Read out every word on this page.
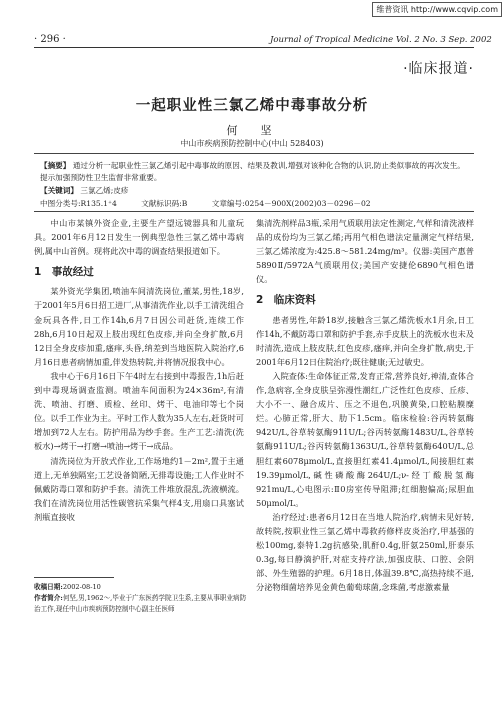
维普资讯 http://www.cqvip.com
· 296 ·	Journal of Tropical Medicine Vol. 2 No. 3 Sep. 2002
·临床报道·
一起职业性三氯乙烯中毒事故分析
何　坚
中山市疾病预防控制中心(中山 528403)
【摘要】 通过分析一起职业性三氯乙烯引起中毒事故的原因、结果及教训,增强对该种化合物的认识,防止类似事故的再次发生。提示加强预防性卫生监督非常重要。
【关键词】 三氯乙烯;皮疹
中图分类号:R135.1⁺4	文献标识码:B	文章编号:0254－900X(2002)03－0296－02

中山市某镇外资企业,主要生产望远镜器具和儿童玩具。2001年6月12日发生一例典型急性三氯乙烯中毒病例,属中山首例。现将此次中毒的调查结果报道如下。

1　事故经过

某外资光学集团,喷油车间清洗岗位,董某,男性,18岁,于2001年5月6日招工进厂,从事清洗作业,以手工清洗组合金玩具各件,日工作14h,6月7日因公司赶货,连续工作28h,6月10日起双上肢出现红色皮疹,并向全身扩散,6月12日全身皮疹加重,瘙痒,头昏,纳差到当地医院入院治疗,6月16日患者病情加重,伴发热转院,并将情况报我中心。

我中心于6月16日下午4时左右接到中毒报告,1h后赶到中毒现场调查监测。喷油车间面积为24×36m²,有清洗、喷油、打磨、质检、丝印、烤干、电油印等七个岗位。以手工作业为主。平时工作人数为35人左右,赶货时可增加到72人左右。防护用品为纱手套。生产工艺:清洗(洗板水)→烤干→打磨→喷油→烤干→成品。

清洗岗位为开放式作业,工作场地约1－2m²,置于主通道上,无单独隔室;工艺设备简陋,无排毒设施;工人作业时不佩戴防毒口罩和防护手套。清洗工件堆放混乱,洗液横流。我们在清洗岗位用活性碳管抗采集气样4支,用扇口具塞试剂瓶直接收

集清洗剂样品3瓶,采用气质联用法定性测定,气样和清洗液样品的成份均为三氯乙烯;再用气相色谱法定量测定气样结果,三氯乙烯浓度为:425.8～581.24mg/m³。仪器:美国产惠普5890Ⅱ/5972A气质联用仪;美国产安捷伦6890气相色谱仪。

2　临床资料

患者男性,年龄18岁,接触含三氯乙烯洗板水1月余,日工作14h,不戴防毒口罩和防护手套,赤手皮肤上的洗板水也未及时清洗,造成上肢皮肤,红色皮疹,瘙痒,并向全身扩散,病史,于2001年6月12日住院治疗;既往健康;无过敏史。

入院查体:生命体征正常,发育正常,营养良好,神清,查体合作,急病容,全身皮肤呈弥漫性潮红,广泛性红色皮疹、丘疹、大小不一、融合成片、压之不退色,巩膜黄染,口腔粘膜糜烂。心肺正常,肝大、肋下1.5cm。临床检验:谷丙转氨酶942U/L,谷草转氨酶911U/L;谷丙转氨酶1483U/L,谷草转氨酶911U/L;谷丙转氨酶1363U/L,谷草转氨酶640U/L,总胆红素6078μmol/L,直接胆红素41.4μmol/L,间接胆红素19.39μmol/L,碱性磷酸酶264U/L;ν-经丁酸脱氢酶921mu/L,心电图示:Ⅱ0房室传导阻滞;红细胞偏高;尿胆血50μmol/L。

治疗经过:患者6月12日在当地人院治疗,病情未见好转,故转院,按职业性三氯乙烯中毒救药修样皮炎治疗,甲基强的松100mg,泰特1.2g抗感染,肌酐0.4g,肝氨250ml,肝泰乐0.3g,每日静滴护肝,对症支持疗法,加强皮肤、口腔、会阴部、外生殖器的护理。6月18日,体温39.8℃,高热持续不退,分泌物细菌培养见金黄色葡萄球菌,念珠菌,考虑激素量

收稿日期:2002-08-10
作者简介:何坚,男,1962～,毕业于广东医药学院卫生系,主要从事职业病防治工作,现任中山市疾病预防控制中心副主任医师
